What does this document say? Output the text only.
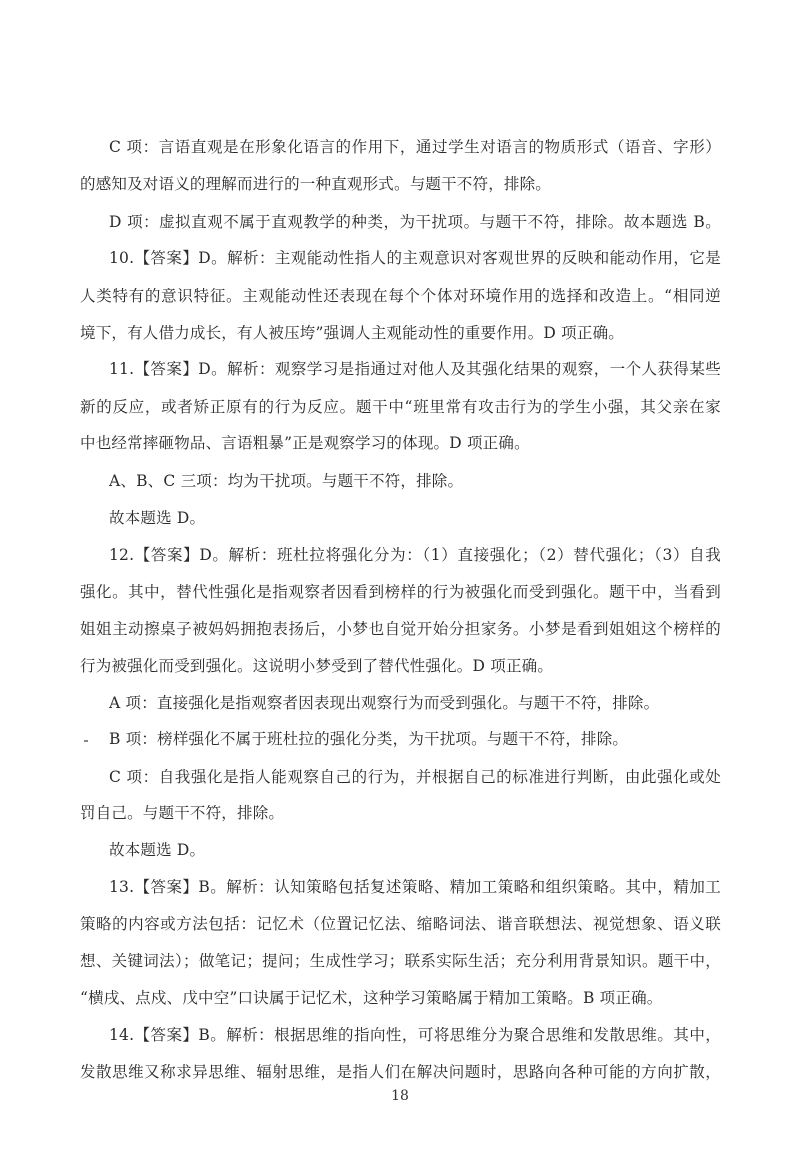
C 项：言语直观是在形象化语言的作用下，通过学生对语言的物质形式（语音、字形）
的感知及对语义的理解而进行的一种直观形式。与题干不符，排除。
D 项：虚拟直观不属于直观教学的种类，为干扰项。与题干不符，排除。故本题选 B。
10.【答案】D。解析：主观能动性指人的主观意识对客观世界的反映和能动作用，它是
人类特有的意识特征。主观能动性还表现在每个个体对环境作用的选择和改造上。“相同逆
境下，有人借力成长，有人被压垮”强调人主观能动性的重要作用。D 项正确。
11.【答案】D。解析：观察学习是指通过对他人及其强化结果的观察，一个人获得某些
新的反应，或者矫正原有的行为反应。题干中“班里常有攻击行为的学生小强，其父亲在家
中也经常摔砸物品、言语粗暴”正是观察学习的体现。D 项正确。
A、B、C 三项：均为干扰项。与题干不符，排除。
故本题选 D。
12.【答案】D。解析：班杜拉将强化分为：（1）直接强化；（2）替代强化；（3）自我
强化。其中，替代性强化是指观察者因看到榜样的行为被强化而受到强化。题干中，当看到
姐姐主动擦桌子被妈妈拥抱表扬后，小梦也自觉开始分担家务。小梦是看到姐姐这个榜样的
行为被强化而受到强化。这说明小梦受到了替代性强化。D 项正确。
A 项：直接强化是指观察者因表现出观察行为而受到强化。与题干不符，排除。
B 项：榜样强化不属于班杜拉的强化分类，为干扰项。与题干不符，排除。
C 项：自我强化是指人能观察自己的行为，并根据自己的标准进行判断，由此强化或处
罚自己。与题干不符，排除。
故本题选 D。
13.【答案】B。解析：认知策略包括复述策略、精加工策略和组织策略。其中，精加工
策略的内容或方法包括：记忆术（位置记忆法、缩略词法、谐音联想法、视觉想象、语义联
想、关键词法）；做笔记；提问；生成性学习；联系实际生活；充分利用背景知识。题干中，
“横戌、点戍、戊中空”口诀属于记忆术，这种学习策略属于精加工策略。B 项正确。
14.【答案】B。解析：根据思维的指向性，可将思维分为聚合思维和发散思维。其中，
发散思维又称求异思维、辐射思维，是指人们在解决问题时，思路向各种可能的方向扩散，
18
